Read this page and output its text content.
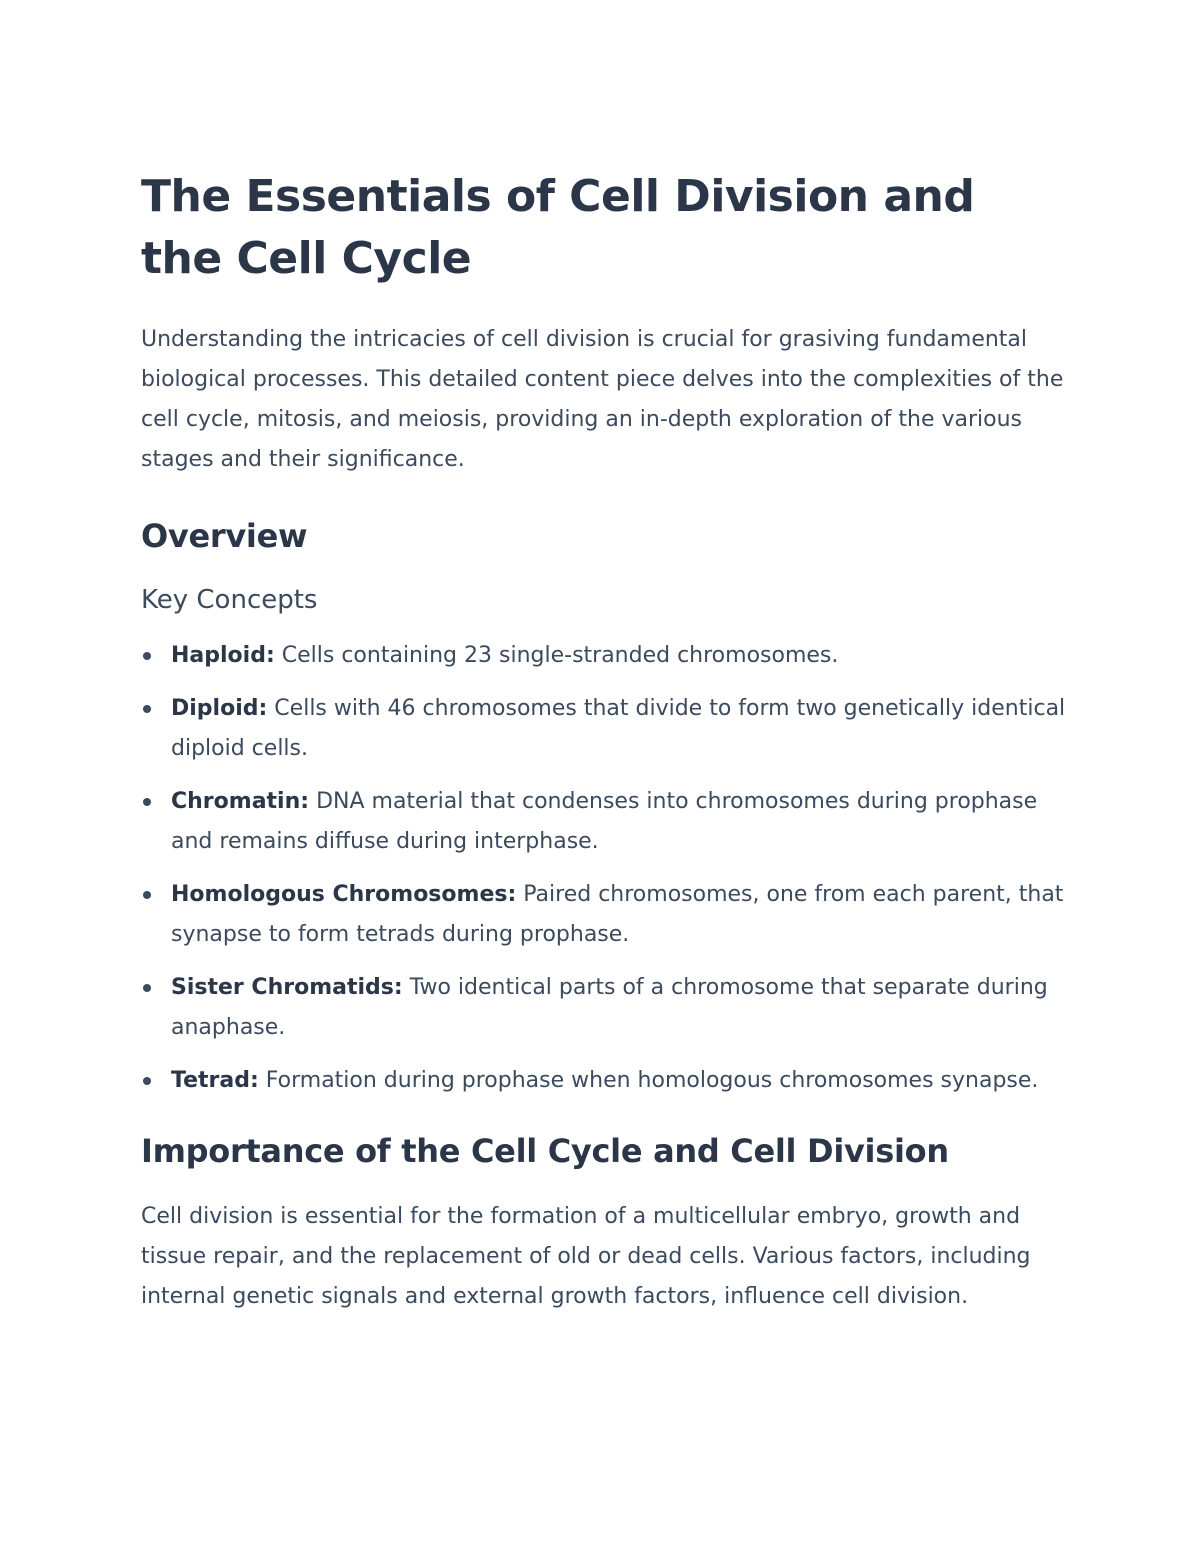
The Essentials of Cell Division and the Cell Cycle

Understanding the intricacies of cell division is crucial for grasiving fundamental biological processes. This detailed content piece delves into the complexities of the cell cycle, mitosis, and meiosis, providing an in-depth exploration of the various stages and their significance.

Overview
Key Concepts
Haploid: Cells containing 23 single-stranded chromosomes.
Diploid: Cells with 46 chromosomes that divide to form two genetically identical diploid cells.
Chromatin: DNA material that condenses into chromosomes during prophase and remains diffuse during interphase.
Homologous Chromosomes: Paired chromosomes, one from each parent, that synapse to form tetrads during prophase.
Sister Chromatids: Two identical parts of a chromosome that separate during anaphase.
Tetrad: Formation during prophase when homologous chromosomes synapse.
Importance of the Cell Cycle and Cell Division

Cell division is essential for the formation of a multicellular embryo, growth and tissue repair, and the replacement of old or dead cells. Various factors, including internal genetic signals and external growth factors, influence cell division.
